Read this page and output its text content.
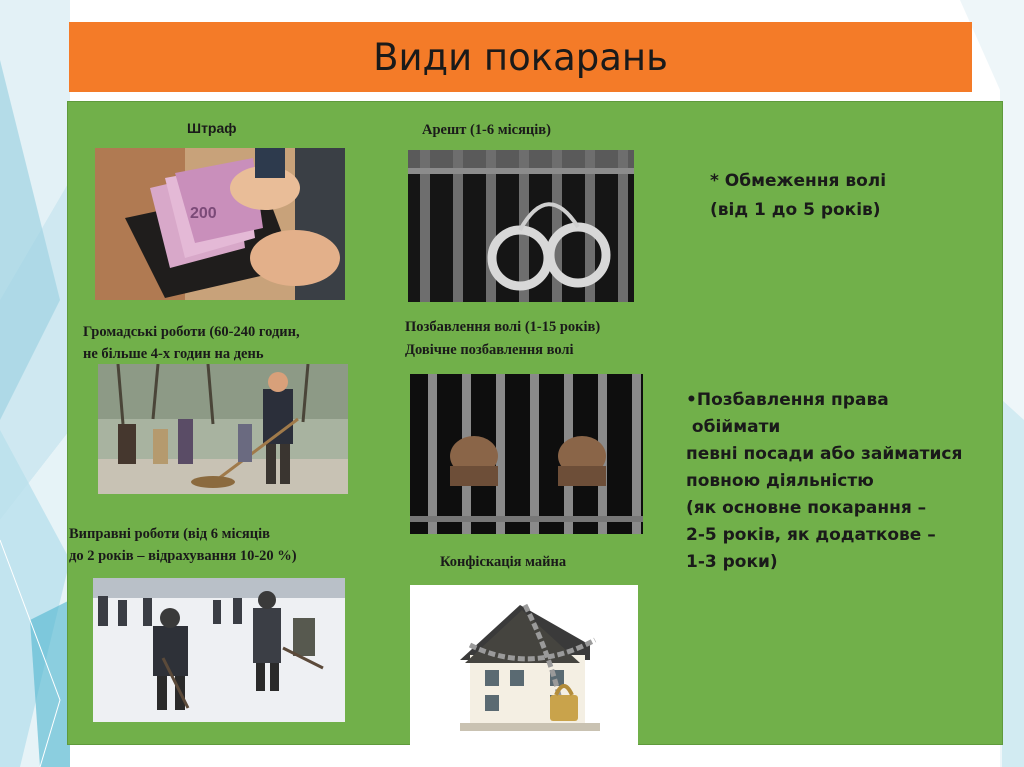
Види покарань
Штраф	Арешт (1-6 місяців)
Громадські роботи (60-240 годин,
не більше 4-х годин на день
Позбавлення волі (1-15 років)
Довічне позбавлення волі
Виправні роботи (від 6 місяців
до 2 років – відрахування 10-20 %)	Конфіскація майна
* Обмеження волі
(від 1 до 5 років)
•Позбавлення права
обіймати
певні посади або займатися
повною діяльністю
(як основне покарання –
2-5 років, як додаткове –
1-3 роки)
200
